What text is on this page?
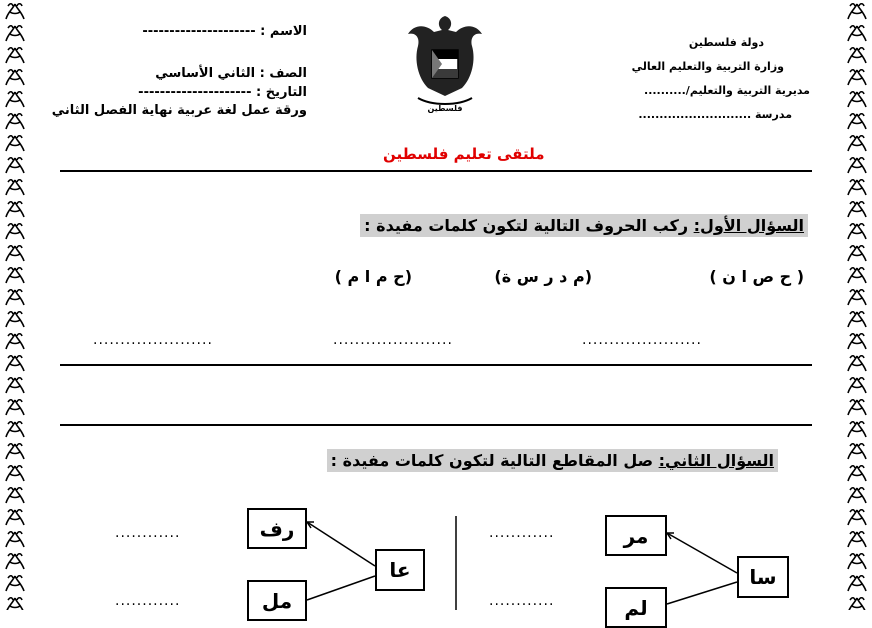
الاسم : ---------------------
الصف : الثاني الأساسي
التاريخ : ---------------------
ورقة عمل لغة عربية نهاية الفصل الثاني	فلسطين
دولة فلسطين
وزارة التربية والتعليم العالي
مديرية التربية والتعليم/..........
مدرسة ...........................
ملتقى تعليم فلسطين
السؤال الأول: ركب الحروف التالية لتكون كلمات مفيدة :
( ح ص ا ن )
(م د ر س ة)
(ح م ا م )
......................
......................
......................
السؤال الثاني: صل المقاطع التالية لتكون كلمات مفيدة :
مر
لم
سا
............
............
رف
مل
عا
............
............
